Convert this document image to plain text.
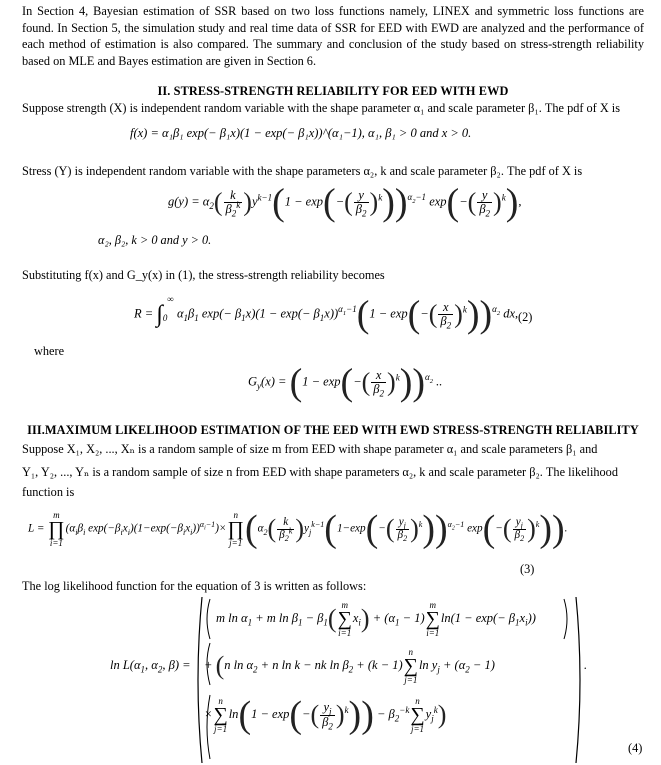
In Section 4, Bayesian estimation of SSR based on two loss functions namely, LINEX and symmetric loss functions are found. In Section 5, the simulation study and real time data of SSR for EED with EWD are analyzed and the performance of each method of estimation is also compared. The summary and conclusion of the study based on stress-strength reliability based on MLE and Bayes estimation are given in Section 6.

II. STRESS-STRENGTH RELIABILITY FOR EED WITH EWD

Suppose strength (X) is independent random variable with the shape parameter α₁ and scale parameter β₁. The pdf of X is

f(x) = α₁β₁ exp(− β₁x)(1 − exp(− β₁x))^(α₁−1), α₁, β₁ > 0 and x > 0.

Stress (Y) is independent random variable with the shape parameters α₂, k and scale parameter β₂. The pdf of X is

$g(y) = \alpha_2( \frac{k}{\beta_2^k} )y^{k-1}(1 - \exp(-( \frac{y}{\beta_2} )^k))^{\alpha_2-1}$ $\exp(-( \frac{y}{\beta_2} )^k)$,
α₂, β₂, k > 0 and y > 0.

Substituting f(x) and G_y(x) in (1), the stress-strength reliability becomes

$R = \int_0^\infty$ $\alpha_1\beta_1$ $\exp(- \beta_1x)(1 - \exp(- \beta_1x))^{\alpha_1-1}(1 - \exp(-( \frac{x}{\beta_2} )^k))^{\alpha_2}$ dx, (2)

where

$G_y(x) = (1 - \exp(-( \frac{x}{\beta_2} )^k))^{\alpha_2}$ ..

III.MAXIMUM LIKELIHOOD ESTIMATION OF THE EED WITH EWD STRESS-STRENGTH RELIABILITY

Suppose X₁, X₂, ..., Xₙ is a random sample of size m from EED with shape parameter α₁ and scale parameters β₁ and

Y₁, Y₂, ..., Yₙ is a random sample of size n from EED with shape parameters α₂, k and scale parameter β₂. The likelihood

function is

L =
m
∏
i=1
($\alpha_i\beta_i$ $\exp(-\beta_ix_i)(1-\exp(-\beta_ix_i))^{\alpha_i-1})\times$
n
∏
j=1 ($\alpha_2( \frac{k}{\beta_2^k} )y_j^{k-1}(1-\exp(-( \frac{y_j}{\beta_2} )^k))^{\alpha_2-1}$ $\exp(-( \frac{y_j}{\beta_2} )^k)$).
(3)

The log likelihood function for the equation of 3 is written as follows:

$\ln L(\alpha_1$, $\alpha_2$, β) =
m $\ln \alpha_1 + m$ $\ln \beta_1 - \beta_1$( m
∑
i=1
$x_i) + (\alpha_1 - 1)$
m
∑
i=1
$\ln(1 - \exp(- \beta_1x_i))$
+ (n $\ln \alpha_2 + n$ ln k − nk $\ln \beta_2 + (k - 1)$
n
∑
j=1
$\ln y_j + (\alpha_2 - 1)$
×
n
∑
j=1
$\ln(1 - \exp(-( \frac{y_j}{\beta_2} )^k)) - \beta_2^{-k}$
n
∑
j=1
$y_j^k$)
.
(4)
